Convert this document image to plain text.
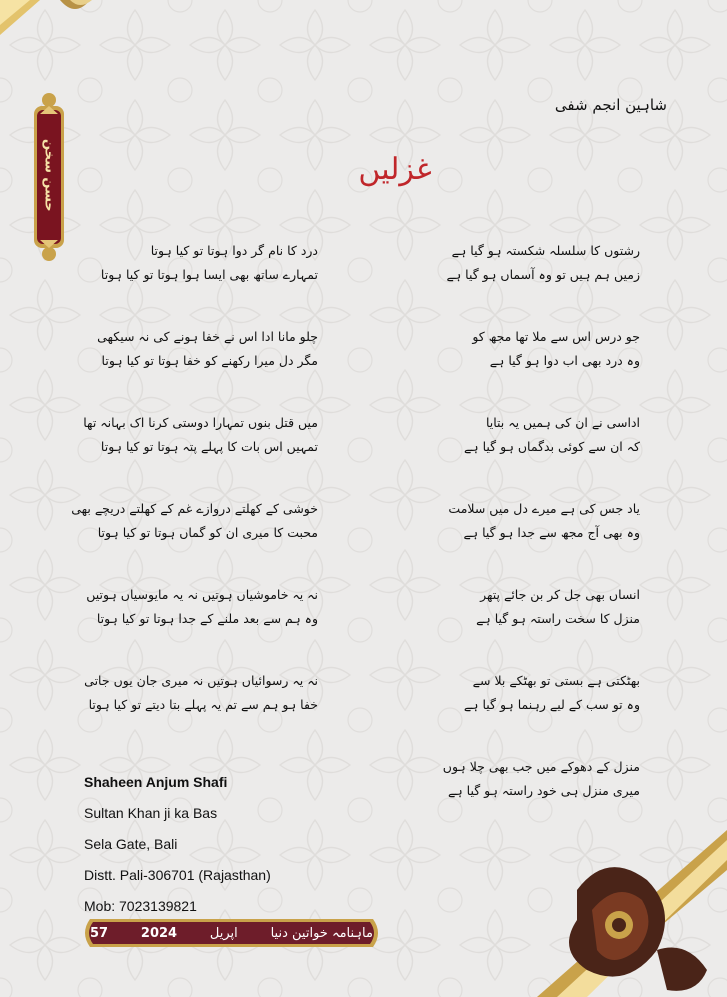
حسن سخن
شاہین انجم شفی
غزلیں
رشتوں کا سلسلہ شکستہ ہو گیا ہے
زمیں ہم ہیں تو وہ آسماں ہو گیا ہے
جو درس اس سے ملا تھا مجھ کو
وہ درد بھی اب دوا ہو گیا ہے
اداسی نے ان کی ہمیں یہ بتایا
کہ ان سے کوئی بدگماں ہو گیا ہے
یاد جس کی ہے میرے دل میں سلامت
وہ بھی آج مجھ سے جدا ہو گیا ہے
انساں بھی جل کر بن جائے پتھر
منزل کا سخت راستہ ہو گیا ہے
بھٹکتی ہے بستی تو بھٹکے بلا سے
وہ تو سب کے لیے رہنما ہو گیا ہے
منزل کے دھوکے میں جب بھی چلا ہوں
میری منزل ہی خود راستہ ہو گیا ہے
درد کا نام گر دوا ہوتا تو کیا ہوتا
تمہارے ساتھ بھی ایسا ہوا ہوتا تو کیا ہوتا
چلو مانا ادا اس نے خفا ہونے کی نہ سیکھی
مگر دل میرا رکھنے کو خفا ہوتا تو کیا ہوتا
میں قتل بنوں تمہارا دوستی کرنا اک بہانہ تھا
تمہیں اس بات کا پہلے پتہ ہوتا تو کیا ہوتا
خوشی کے کھلتے دروازے غم کے کھلتے دریچے بھی
محبت کا میری ان کو گماں ہوتا تو کیا ہوتا
نہ یہ خاموشیاں ہوتیں نہ یہ مایوسیاں ہوتیں
وہ ہم سے بعد ملنے کے جدا ہوتا تو کیا ہوتا
نہ یہ رسوائیاں ہوتیں نہ میری جان یوں جاتی
خفا ہو ہم سے تم یہ پہلے بتا دیتے تو کیا ہوتا
Shaheen Anjum Shafi
Sultan Khan ji ka Bas
Sela Gate, Bali
Distt. Pali-306701 (Rajasthan)
Mob: 7023139821
57	2024	اپریل	ماہنامہ خواتین دنیا
